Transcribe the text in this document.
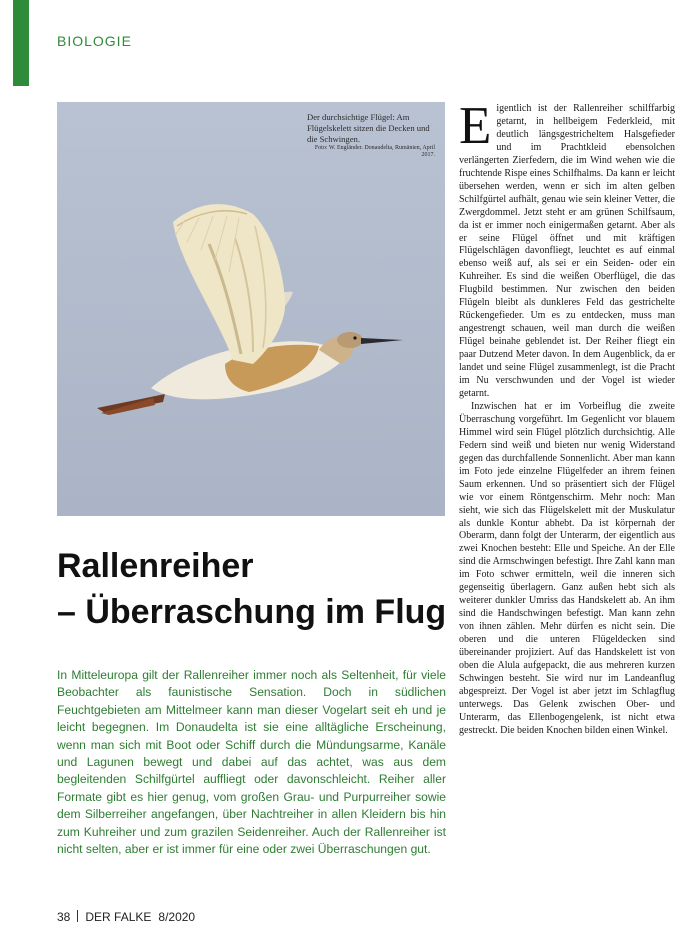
BIOLOGIE

Der durchsichtige Flügel: Am Flügelskelett sitzen die Decken und die Schwingen.

Foto: W. Engländer. Donaudelta, Rumänien, April 2017.

Rallenreiher
– Überraschung im Flug

In Mitteleuropa gilt der Rallenreiher immer noch als Seltenheit, für viele Beobachter als faunistische Sensation. Doch in südlichen Feuchtgebieten am Mittelmeer kann man dieser Vogelart seit eh und je leicht begegnen. Im Donaudelta ist sie eine alltägliche Erscheinung, wenn man sich mit Boot oder Schiff durch die Mündungsarme, Kanäle und Lagunen bewegt und dabei auf das achtet, was aus dem begleitenden Schilfgürtel auffliegt oder davonschleicht. Reiher aller Formate gibt es hier genug, vom großen Grau- und Purpurreiher sowie dem Silberreiher angefangen, über Nachtreiher in allen Kleidern bis hin zum Kuhreiher und zum grazilen Seidenreiher. Auch der Rallenreiher ist nicht selten, aber er ist immer für eine oder zwei Überraschungen gut.

Eigentlich ist der Rallenreiher schilffarbig getarnt, in hellbeigem Federkleid, mit deutlich längsgestricheltem Halsgefieder und im Prachtkleid ebensolchen verlängerten Zierfedern, die im Wind wehen wie die fruchtende Rispe eines Schilfhalms. Da kann er leicht übersehen werden, wenn er sich im alten gelben Schilfgürtel aufhält, genau wie sein kleiner Vetter, die Zwergdommel. Jetzt steht er am grünen Schilfsaum, da ist er immer noch einigermaßen getarnt. Aber als er seine Flügel öffnet und mit kräftigen Flügelschlägen davonfliegt, leuchtet es auf einmal ebenso weiß auf, als sei er ein Seiden- oder ein Kuhreiher. Es sind die weißen Oberflügel, die das Flugbild bestimmen. Nur zwischen den beiden Flügeln bleibt als dunkleres Feld das gestrichelte Rückengefieder. Um es zu entdecken, muss man angestrengt schauen, weil man durch die weißen Flügel beinahe geblendet ist. Der Reiher fliegt ein paar Dutzend Meter davon. In dem Augenblick, da er landet und seine Flügel zusammenlegt, ist die Pracht im Nu verschwunden und der Vogel ist wieder getarnt.

Inzwischen hat er im Vorbeiflug die zweite Überraschung vorgeführt. Im Gegenlicht vor blauem Himmel wird sein Flügel plötzlich durchsichtig. Alle Federn sind weiß und bieten nur wenig Widerstand gegen das durchfallende Sonnenlicht. Aber man kann im Foto jede einzelne Flügelfeder an ihrem feinen Saum erkennen. Und so präsentiert sich der Flügel wie vor einem Röntgenschirm. Mehr noch: Man sieht, wie sich das Flügelskelett mit der Muskulatur als dunkle Kontur abhebt. Da ist körpernah der Oberarm, dann folgt der Unterarm, der eigentlich aus zwei Knochen besteht: Elle und Speiche. An der Elle sind die Armschwingen befestigt. Ihre Zahl kann man im Foto schwer ermitteln, weil die inneren sich gegenseitig überlagern. Ganz außen hebt sich als weiterer dunkler Umriss das Handskelett ab. An ihm sind die Handschwingen befestigt. Man kann zehn von ihnen zählen. Mehr dürfen es nicht sein. Die oberen und die unteren Flügeldecken sind übereinander projiziert. Auf das Handskelett ist von oben die Alula aufgepackt, die aus mehreren kurzen Schwingen besteht. Sie wird nur im Landeanflug abgespreizt. Der Vogel ist aber jetzt im Schlagflug unterwegs. Das Gelenk zwischen Ober- und Unterarm, das Ellenbogengelenk, ist nicht etwa gestreckt. Die beiden Knochen bilden einen Winkel.

38 DER FALKE 8/2020
